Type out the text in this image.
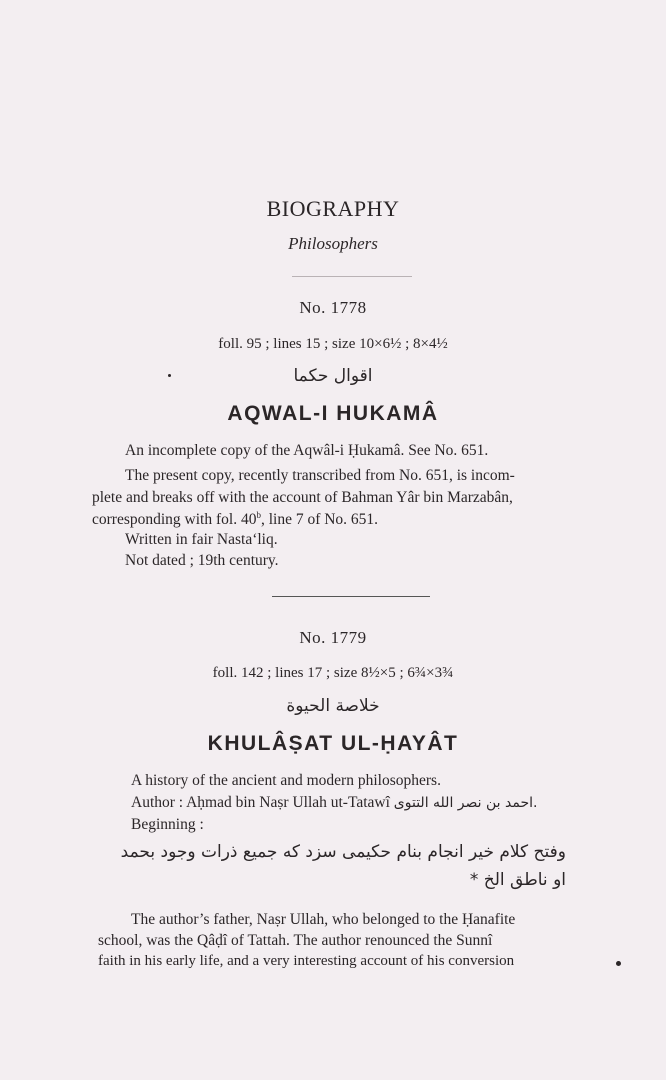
BIOGRAPHY
Philosophers
No. 1778
foll. 95 ; lines 15 ; size 10×6½ ; 8×4½
اقوال حکما
AQWAL-I HUKAMÂ
An incomplete copy of the Aqwâl-i Ḥukamâ. See No. 651.
The present copy, recently transcribed from No. 651, is incom-
plete and breaks off with the account of Bahman Yâr bin Marzabân,
corresponding with fol. 40$^b$, line 7 of No. 651.
Written in fair Nasta‘liq.
Not dated ; 19th century.
No. 1779
foll. 142 ; lines 17 ; size 8½×5 ; 6¾×3¾
خلاصة الحيوة
KHULÂṢAT UL-ḤAYÂT
A history of the ancient and modern philosophers.
Author : Aḥmad bin Naṣr Ullah ut-Tatawî احمد بن نصر الله التتوى.
Beginning :
وفتح کلام خير انجام بنام حکيمی سزد که جميع ذرات وجود بحمد
او ناطق الخ *
The author’s father, Naṣr Ullah, who belonged to the Ḥanafite
school, was the Qâḍî of Tattah. The author renounced the Sunnî
faith in his early life, and a very interesting account of his conversion
